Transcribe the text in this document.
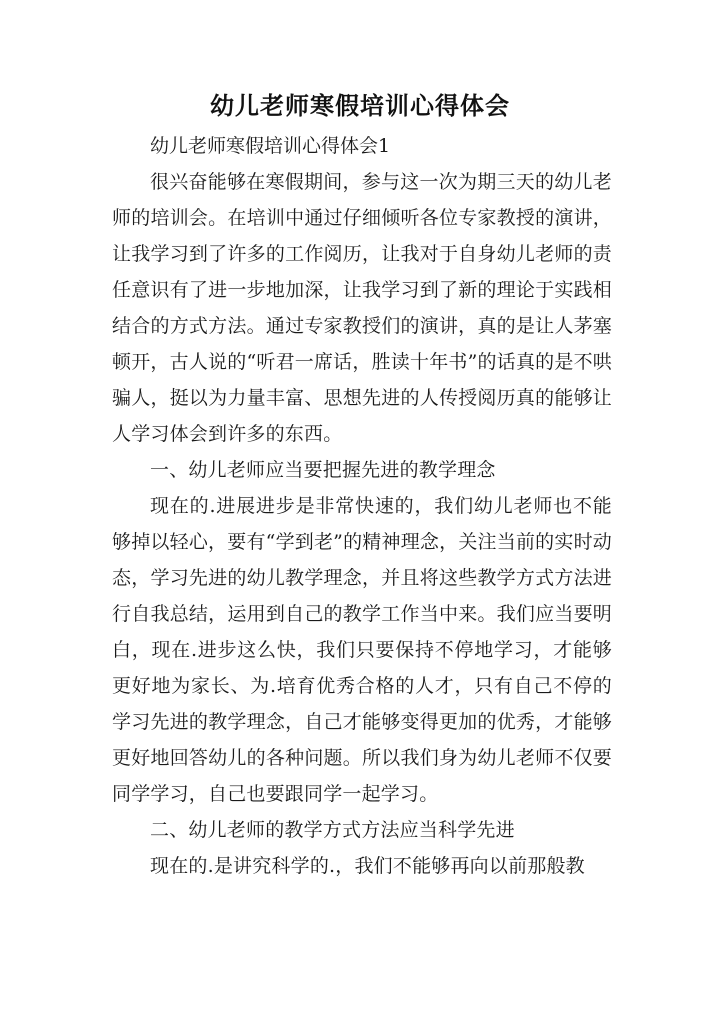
幼儿老师寒假培训心得体会

幼儿老师寒假培训心得体会1

很兴奋能够在寒假期间，参与这一次为期三天的幼儿老师的培训会。在培训中通过仔细倾听各位专家教授的演讲，让我学习到了许多的工作阅历，让我对于自身幼儿老师的责任意识有了进一步地加深，让我学习到了新的理论于实践相结合的方式方法。通过专家教授们的演讲，真的是让人茅塞顿开，古人说的“听君一席话，胜读十年书”的话真的是不哄骗人，挺以为力量丰富、思想先进的人传授阅历真的能够让人学习体会到许多的东西。

一、幼儿老师应当要把握先进的教学理念

现在的.进展进步是非常快速的，我们幼儿老师也不能够掉以轻心，要有“学到老”的精神理念，关注当前的实时动态，学习先进的幼儿教学理念，并且将这些教学方式方法进行自我总结，运用到自己的教学工作当中来。我们应当要明白，现在.进步这么快，我们只要保持不停地学习，才能够更好地为家长、为.培育优秀合格的人才，只有自己不停的学习先进的教学理念，自己才能够变得更加的优秀，才能够更好地回答幼儿的各种问题。所以我们身为幼儿老师不仅要同学学习，自己也要跟同学一起学习。

二、幼儿老师的教学方式方法应当科学先进

现在的.是讲究科学的.，我们不能够再向以前那般教
